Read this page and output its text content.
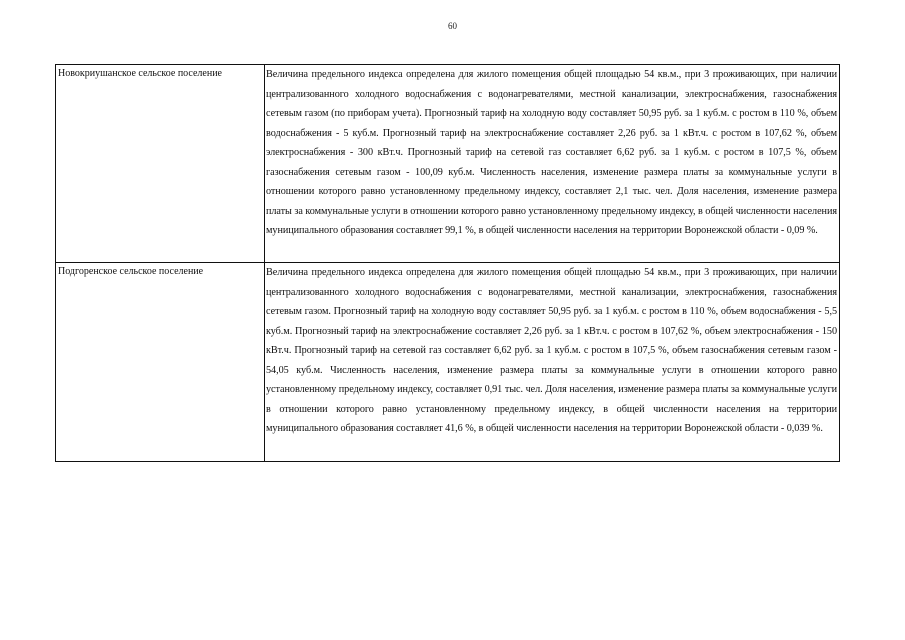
60
Новокриушанское сельское поселение	Величина предельного индекса определена для жилого помещения общей площадью 54 кв.м., при 3 проживающих, при наличии централизованного холодного водоснабжения с водонагревателями, местной канализации, электроснабжения, газоснабжения сетевым газом (по приборам учета). Прогнозный тариф на холодную воду составляет 50,95 руб. за 1 куб.м. с ростом в 110 %, объем водоснабжения - 5 куб.м. Прогнозный тариф на электроснабжение составляет 2,26 руб. за 1 кВт.ч. с ростом в 107,62 %, объем электроснабжения - 300 кВт.ч. Прогнозный тариф на сетевой газ составляет 6,62 руб. за 1 куб.м. с ростом в 107,5 %, объем газоснабжения сетевым газом - 100,09 куб.м. Численность населения, изменение размера платы за коммунальные услуги в отношении которого равно установленному предельному индексу, составляет 2,1 тыс. чел. Доля населения, изменение размера платы за коммунальные услуги в отношении которого равно установленному предельному индексу, в общей численности населения муниципального образования составляет 99,1 %, в общей численности населения на территории Воронежской области - 0,09 %.
Подгоренское сельское поселение	Величина предельного индекса определена для жилого помещения общей площадью 54 кв.м., при 3 проживающих, при наличии централизованного холодного водоснабжения с водонагревателями, местной канализации, электроснабжения, газоснабжения сетевым газом. Прогнозный тариф на холодную воду составляет 50,95 руб. за 1 куб.м. с ростом в 110 %, объем водоснабжения - 5,5 куб.м. Прогнозный тариф на электроснабжение составляет 2,26 руб. за 1 кВт.ч. с ростом в 107,62 %, объем электроснабжения - 150 кВт.ч. Прогнозный тариф на сетевой газ составляет 6,62 руб. за 1 куб.м. с ростом в 107,5 %, объем газоснабжения сетевым газом - 54,05 куб.м. Численность населения, изменение размера платы за коммунальные услуги в отношении которого равно установленному предельному индексу, составляет 0,91 тыс. чел. Доля населения, изменение размера платы за коммунальные услуги в отношении которого равно установленному предельному индексу, в общей численности населения на территории муниципального образования составляет 41,6 %, в общей численности населения на территории Воронежской области - 0,039 %.
